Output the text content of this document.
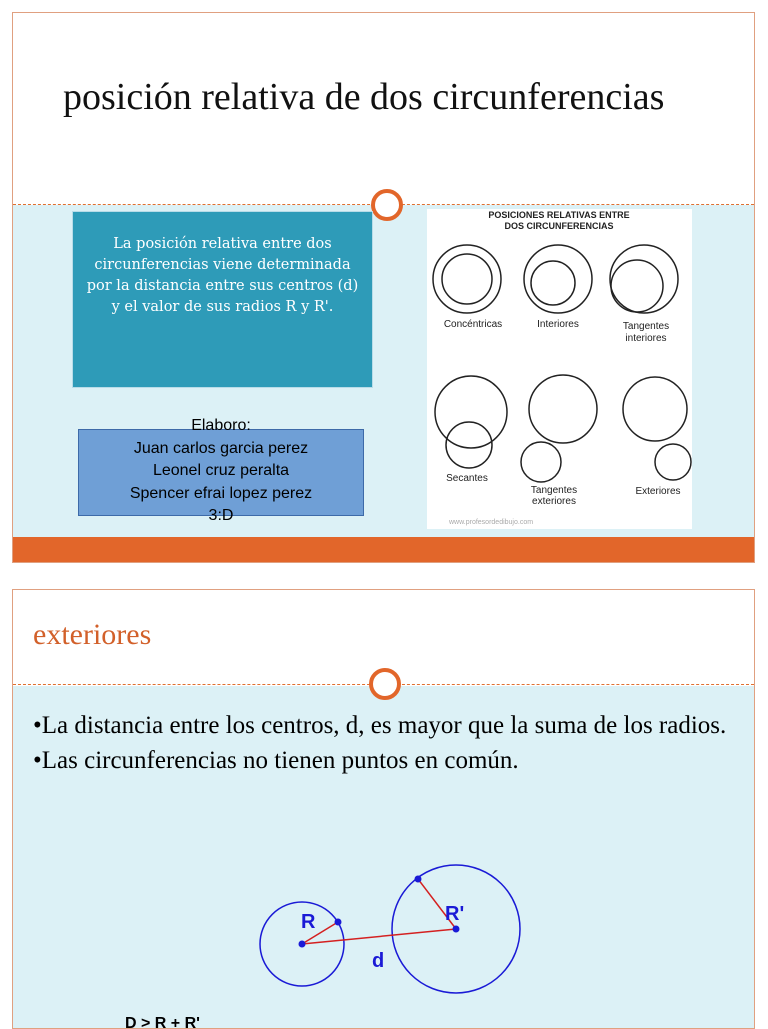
posición relativa de dos circunferencias
La posición relativa entre dos circunferencias viene determinada por la distancia entre sus centros (d) y el valor de sus radios R y R'.
Elaboro:
Juan carlos garcia perez
Leonel cruz peralta
Spencer efrai lopez perez
3:D
POSICIONES RELATIVAS ENTRE
DOS CIRCUNFERENCIAS
Concéntricas	Interiores	Tangentes
interiores
Secantes
Tangentes
exteriores
Exteriores
www.profesordedibujo.com
exteriores

•La distancia entre los centros, d, es mayor que la suma de los radios.

•Las circunferencias no tienen puntos en común.

R	R'
d
D > R + R'
